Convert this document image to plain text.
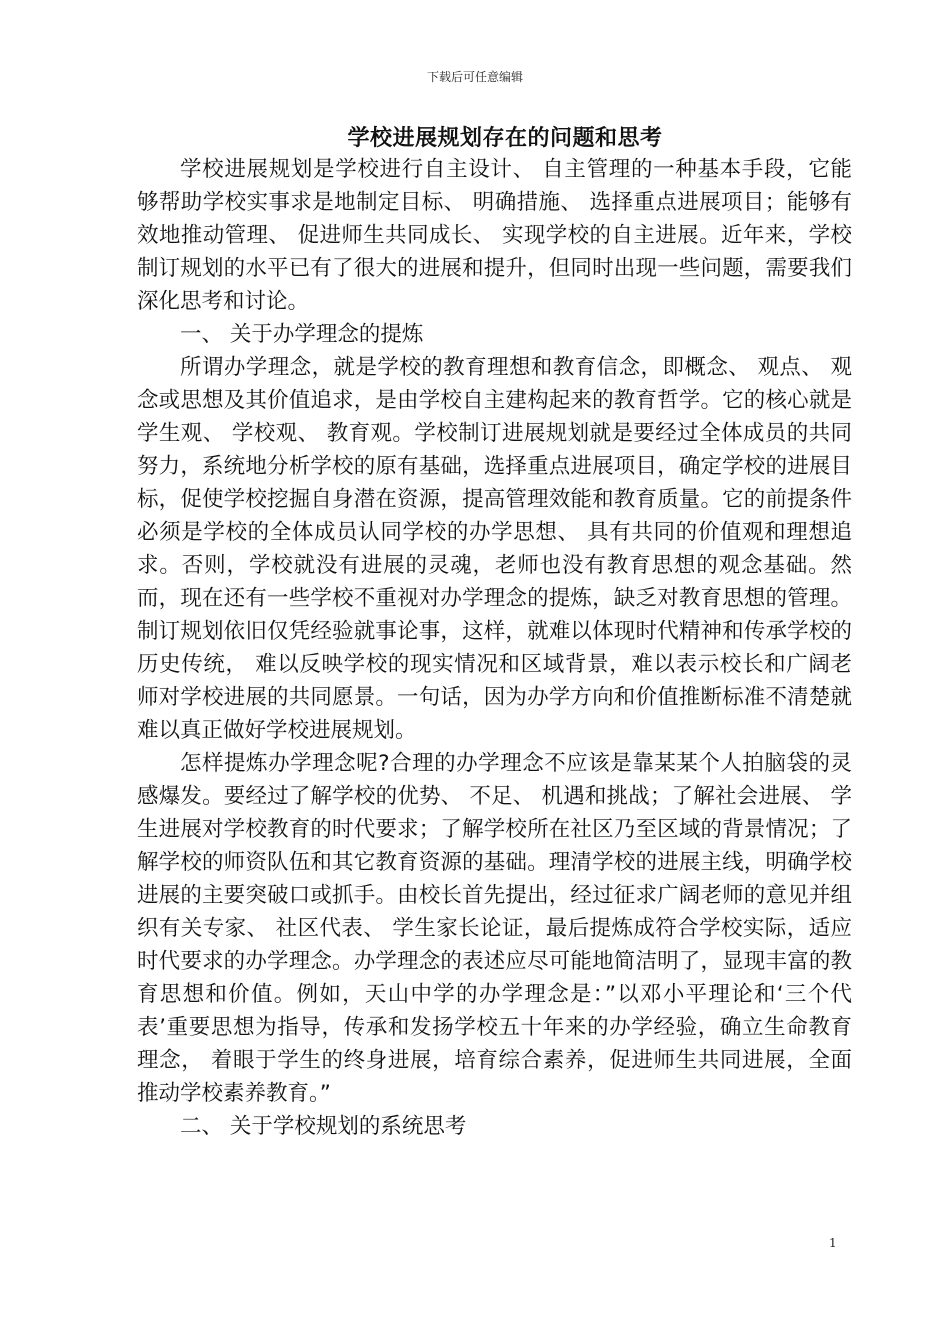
下载后可任意编辑
学校进展规划存在的问题和思考

学校进展规划是学校进行自主设计、 自主管理的一种基本手段，它能够帮助学校实事求是地制定目标、 明确措施、 选择重点进展项目；能够有效地推动管理、 促进师生共同成长、 实现学校的自主进展。近年来，学校制订规划的水平已有了很大的进展和提升，但同时出现一些问题，需要我们深化思考和讨论。

一、 关于办学理念的提炼

所谓办学理念，就是学校的教育理想和教育信念，即概念、 观点、 观念或思想及其价值追求，是由学校自主建构起来的教育哲学。它的核心就是学生观、 学校观、 教育观。学校制订进展规划就是要经过全体成员的共同努力，系统地分析学校的原有基础，选择重点进展项目，确定学校的进展目标，促使学校挖掘自身潜在资源，提高管理效能和教育质量。它的前提条件必须是学校的全体成员认同学校的办学思想、 具有共同的价值观和理想追求。否则，学校就没有进展的灵魂，老师也没有教育思想的观念基础。然而，现在还有一些学校不重视对办学理念的提炼，缺乏对教育思想的管理。制订规划依旧仅凭经验就事论事，这样，就难以体现时代精神和传承学校的历史传统， 难以反映学校的现实情况和区域背景，难以表示校长和广阔老师对学校进展的共同愿景。一句话，因为办学方向和价值推断标准不清楚就难以真正做好学校进展规划。

怎样提炼办学理念呢?合理的办学理念不应该是靠某某个人拍脑袋的灵感爆发。要经过了解学校的优势、 不足、 机遇和挑战；了解社会进展、 学生进展对学校教育的时代要求；了解学校所在社区乃至区域的背景情况；了解学校的师资队伍和其它教育资源的基础。理清学校的进展主线，明确学校进展的主要突破口或抓手。由校长首先提出，经过征求广阔老师的意见并组织有关专家、 社区代表、 学生家长论证，最后提炼成符合学校实际，适应时代要求的办学理念。办学理念的表述应尽可能地简洁明了，显现丰富的教育思想和价值。例如，天山中学的办学理念是：”以邓小平理论和‘三个代表’重要思想为指导，传承和发扬学校五十年来的办学经验，确立生命教育理念， 着眼于学生的终身进展，培育综合素养，促进师生共同进展，全面推动学校素养教育。”

二、 关于学校规划的系统思考

1
